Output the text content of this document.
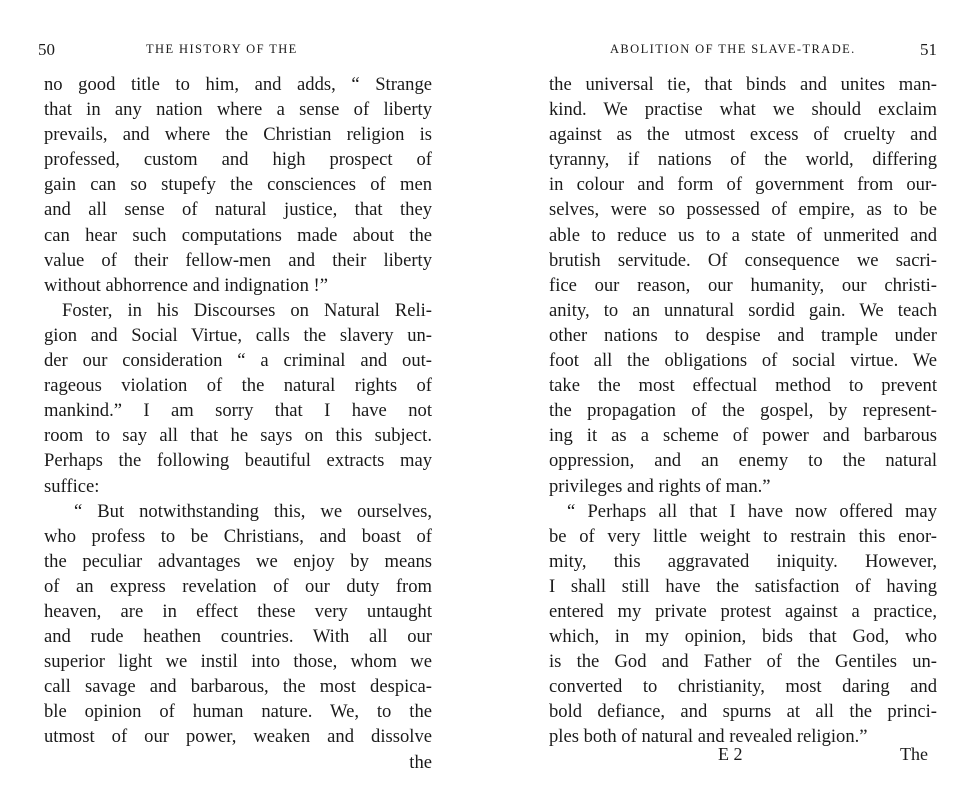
50	THE HISTORY OF THE
no good title to him, and adds, “ Strange
that in any nation where a sense of liberty
prevails, and where the Christian religion is
professed, custom and high prospect of
gain can so stupefy the consciences of men
and all sense of natural justice, that they
can hear such computations made about the
value of their fellow-men and their liberty
without abhorrence and indignation !”
Foster, in his Discourses on Natural Reli-
gion and Social Virtue, calls the slavery un-
der our consideration “ a criminal and out-
rageous violation of the natural rights of
mankind.” I am sorry that I have not
room to say all that he says on this subject.
Perhaps the following beautiful extracts may
suffice:
“ But notwithstanding this, we ourselves,
who profess to be Christians, and boast of
the peculiar advantages we enjoy by means
of an express revelation of our duty from
heaven, are in effect these very untaught
and rude heathen countries. With all our
superior light we instil into those, whom we
call savage and barbarous, the most despica-
ble opinion of human nature. We, to the
utmost of our power, weaken and dissolve
the
ABOLITION OF THE SLAVE-TRADE.	51
the universal tie, that binds and unites man-
kind. We practise what we should exclaim
against as the utmost excess of cruelty and
tyranny, if nations of the world, differing
in colour and form of government from our-
selves, were so possessed of empire, as to be
able to reduce us to a state of unmerited and
brutish servitude. Of consequence we sacri-
fice our reason, our humanity, our christi-
anity, to an unnatural sordid gain. We teach
other nations to despise and trample under
foot all the obligations of social virtue. We
take the most effectual method to prevent
the propagation of the gospel, by represent-
ing it as a scheme of power and barbarous
oppression, and an enemy to the natural
privileges and rights of man.”
“ Perhaps all that I have now offered may
be of very little weight to restrain this enor-
mity, this aggravated iniquity. However,
I shall still have the satisfaction of having
entered my private protest against a practice,
which, in my opinion, bids that God, who
is the God and Father of the Gentiles un-
converted to christianity, most daring and
bold defiance, and spurns at all the princi-
ples both of natural and revealed religion.”
E 2	The
